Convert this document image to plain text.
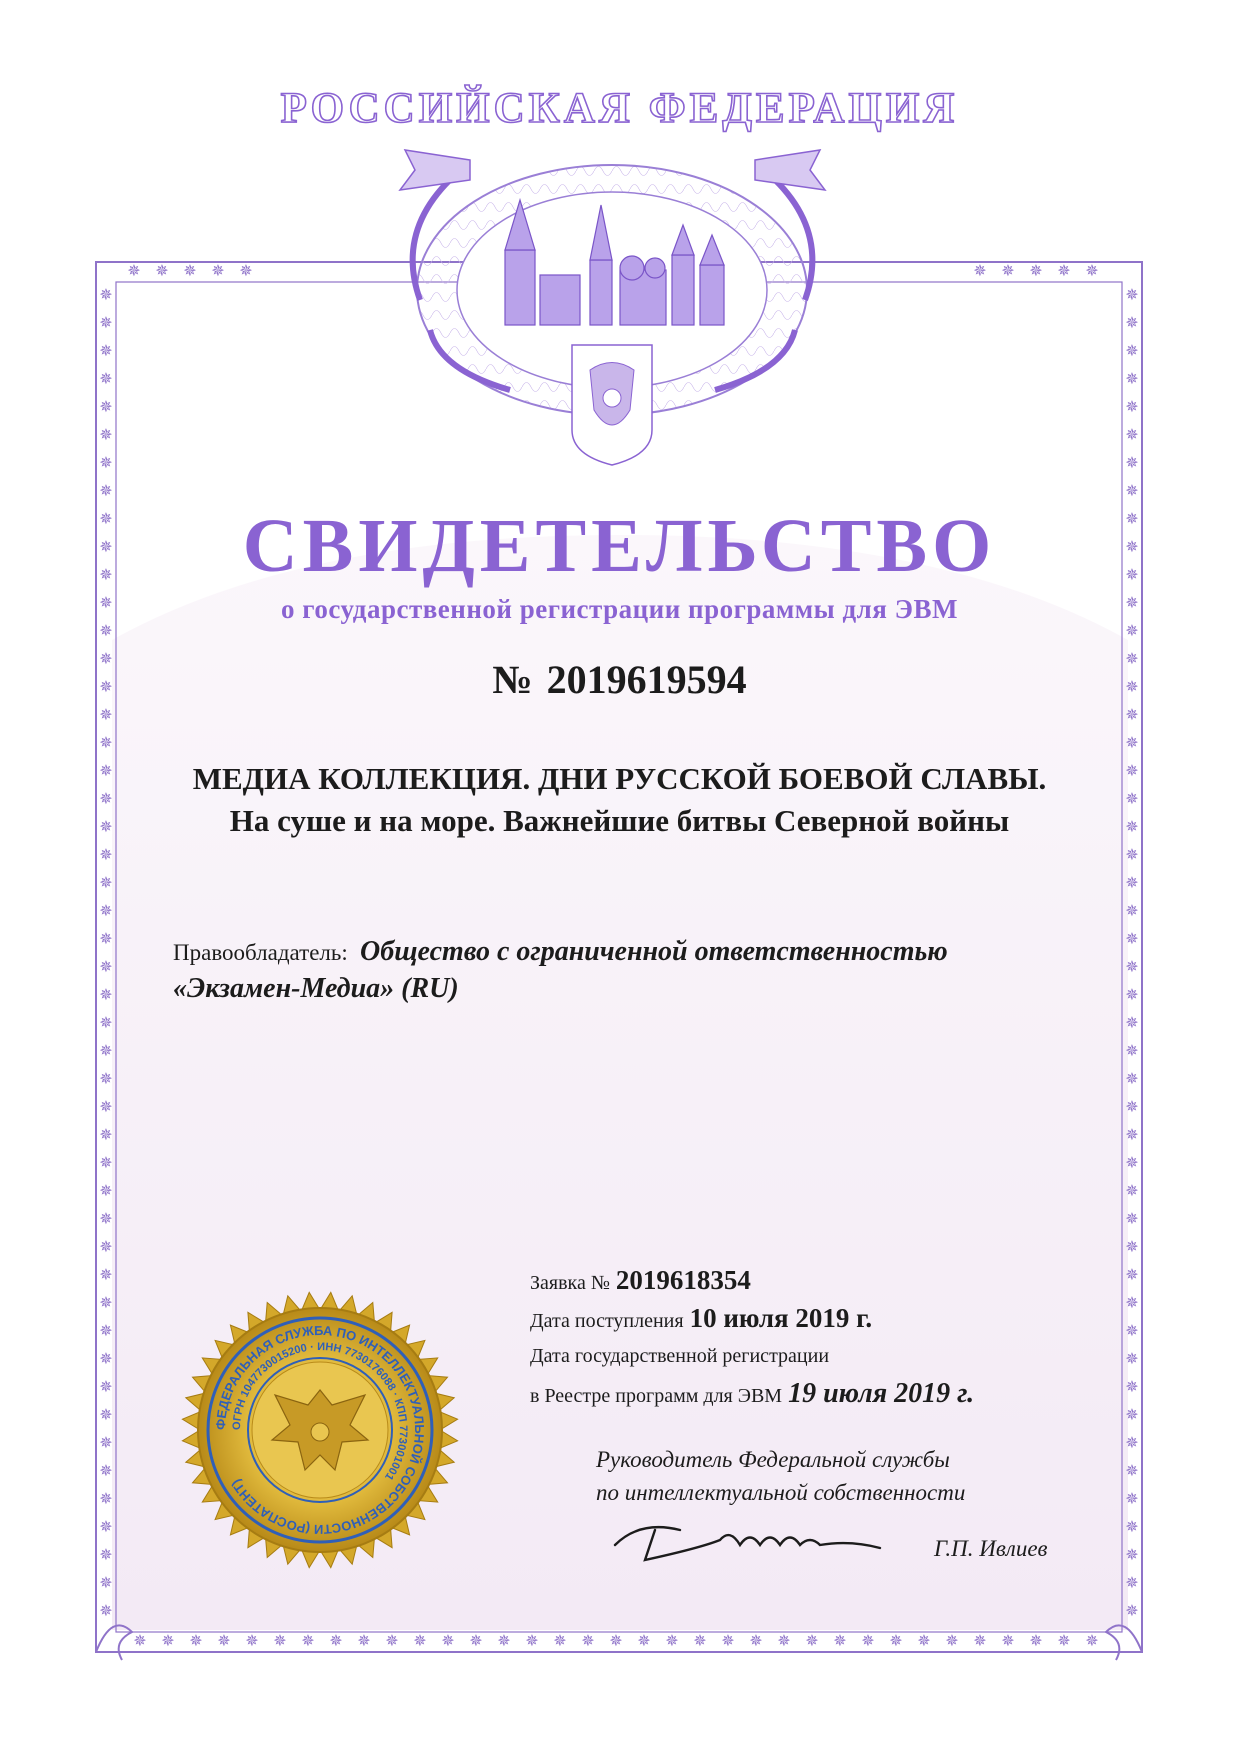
✵	✵
✵	✵
✵	✵
✵	✵
✵	✵
✵	✵
✵	✵
✵	✵
✵	✵
✵	✵
✵	✵
✵	✵
✵	✵
✵	✵
✵	✵
✵	✵
✵	✵
✵	✵
✵	✵
✵	✵
✵	✵
✵	✵
✵	✵
✵	✵
✵	✵
✵	✵
✵	✵
✵	✵
✵	✵
✵	✵
✵	✵
✵	✵
✵	✵
✵	✵
✵	✵
✵	✵
✵	✵
✵	✵
✵	✵
✵	✵
✵	✵
✵	✵
✵	✵
✵	✵
✵	✵
✵	✵
✵	✵
✵	✵
✵ ✵ ✵ ✵ ✵	✵ ✵ ✵ ✵ ✵
✵ ✵ ✵ ✵ ✵ ✵ ✵ ✵ ✵ ✵ ✵ ✵ ✵ ✵ ✵ ✵ ✵ ✵ ✵ ✵ ✵ ✵ ✵ ✵ ✵ ✵ ✵ ✵ ✵ ✵ ✵ ✵ ✵ ✵ ✵
ФЕДЕРАЛЬНАЯ СЛУЖБА ПО ИНТЕЛЛЕКТУАЛЬНОЙ СОБСТВЕННОСТИ (РОСПАТЕНТ)
ОГРН 1047730015200 · ИНН 7730176088 · КПП 773001001
РОССИЙСКАЯ ФЕДЕРАЦИЯ
СВИДЕТЕЛЬСТВО
о государственной регистрации программы для ЭВМ
№ 2019619594
МЕДИА КОЛЛЕКЦИЯ. ДНИ РУССКОЙ БОЕВОЙ СЛАВЫ.
На суше и на море. Важнейшие битвы Северной войны
Правообладатель: Общество с ограниченной ответственностью
«Экзамен-Медиа» (RU)
Заявка № 2019618354
Дата поступления 10 июля 2019 г.
Дата государственной регистрации
в Реестре программ для ЭВМ 19 июля 2019 г.
Руководитель Федеральной службы
по интеллектуальной собственности
Г.П. Ивлиев
